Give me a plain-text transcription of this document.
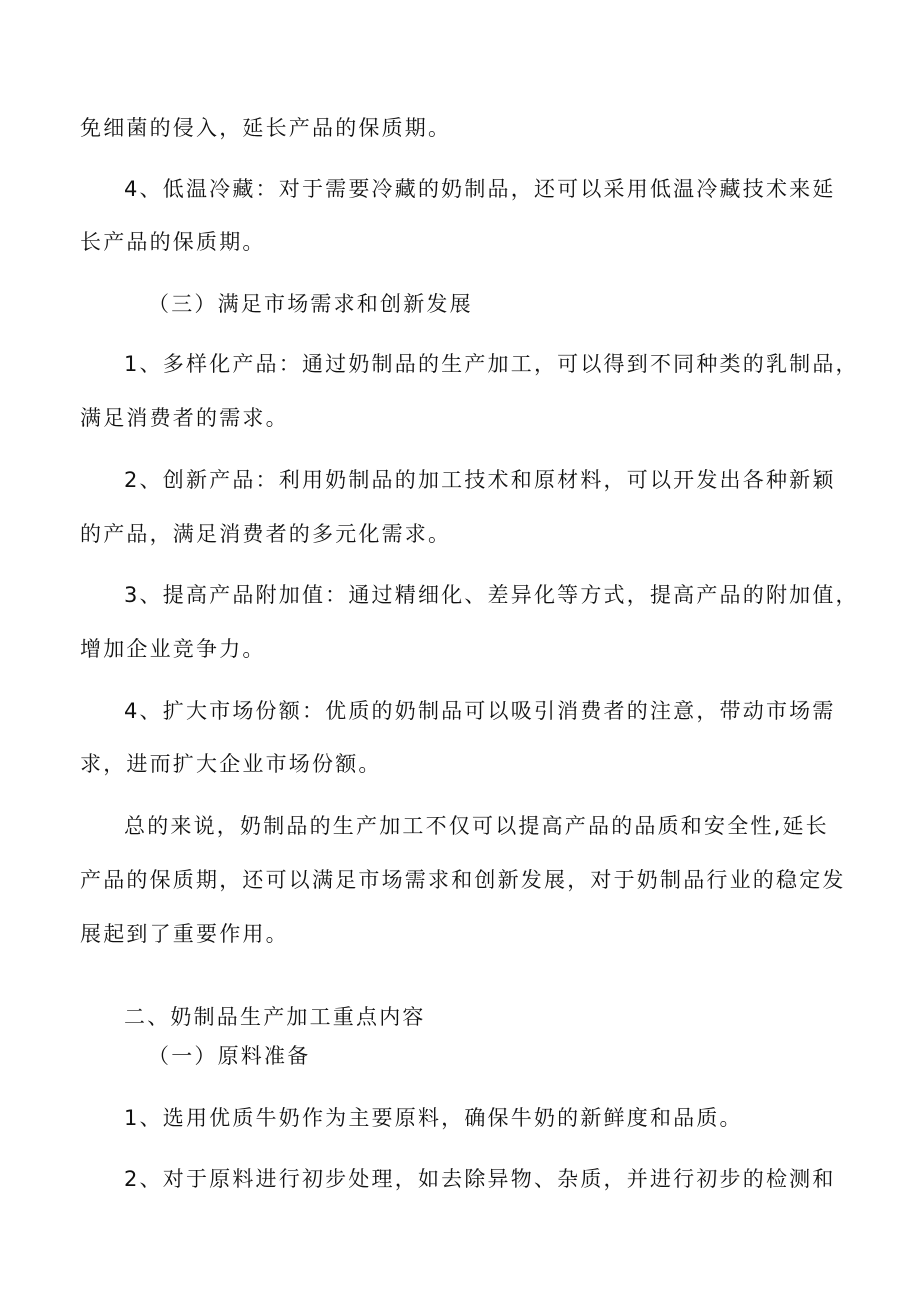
免细菌的侵入，延长产品的保质期。
4、低温冷藏：对于需要冷藏的奶制品，还可以采用低温冷藏技术来延
长产品的保质期。
（三）满足市场需求和创新发展
1、多样化产品：通过奶制品的生产加工，可以得到不同种类的乳制品，
满足消费者的需求。
2、创新产品：利用奶制品的加工技术和原材料，可以开发出各种新颖
的产品，满足消费者的多元化需求。
3、提高产品附加值：通过精细化、差异化等方式，提高产品的附加值，
增加企业竞争力。
4、扩大市场份额：优质的奶制品可以吸引消费者的注意，带动市场需
求，进而扩大企业市场份额。
总的来说，奶制品的生产加工不仅可以提高产品的品质和安全性,延长
产品的保质期，还可以满足市场需求和创新发展，对于奶制品行业的稳定发
展起到了重要作用。
二、奶制品生产加工重点内容
（一）原料准备
1、选用优质牛奶作为主要原料，确保牛奶的新鲜度和品质。
2、对于原料进行初步处理，如去除异物、杂质，并进行初步的检测和
